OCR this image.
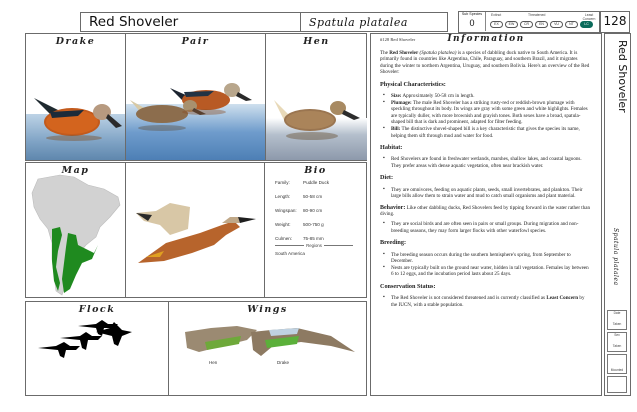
Red Shoveler	Spatula platalea
Sub Species
0
Extinct	Threatened	Least Concern
EX	EW	CR	EN	VU	NT	LC	128
Drake	Pair	Hen
Map	Bio
Family:	Puddle Duck
Length:	50-58 cm
Wingspan:	80-90 cm
Weight:	500-750 g
Culmen:	75-85 mm
Regions
South America
Flock	Wings
Hen	Drake
Information
#128 Red Shoveler

The Red Shoveler (Spatula platalea) is a species of dabbling duck native to South America. It is primarily found in countries like Argentina, Chile, Paraguay, and southern Brazil, and it migrates during the winter to northern Argentina, Uruguay, and southern Bolivia. Here's an overview of the Red Shoveler:

Physical Characteristics:
▪ Size: Approximately 50-58 cm in length.
▪ Plumage: The male Red Shoveler has a striking rusty-red or reddish-brown plumage with speckling throughout its body. Its wings are gray with some green and white highlights. Females are typically duller, with more brownish and grayish tones. Both sexes have a broad, spatula-shaped bill that is dark and prominent, adapted for filter feeding.
▪ Bill: The distinctive shovel-shaped bill is a key characteristic that gives the species its name, helping them sift through mud and water for food.
Habitat:
▪ Red Shovelers are found in freshwater wetlands, marshes, shallow lakes, and coastal lagoons. They prefer areas with dense aquatic vegetation, often near brackish water.
Diet:
▪ They are omnivores, feeding on aquatic plants, seeds, small invertebrates, and plankton. Their large bills allow them to strain water and mud to catch small organisms and plant material.

Behavior: Like other dabbling ducks, Red Shovelers feed by tipping forward in the water rather than diving.

▪ They are social birds and are often seen in pairs or small groups. During migration and non-breeding seasons, they may form larger flocks with other waterfowl species.
Breeding:
▪ The breeding season occurs during the southern hemisphere's spring, from September to December.
▪ Nests are typically built on the ground near water, hidden in tall vegetation. Females lay between 6 to 12 eggs, and the incubation period lasts about 25 days.
Conservation Status:
▪ The Red Shoveler is not considered threatened and is currently classified as Least Concern by the IUCN, with a stable population.
Red Shoveler
Spatula platalea
Date
Taken
Sex
Taken
Mounted
